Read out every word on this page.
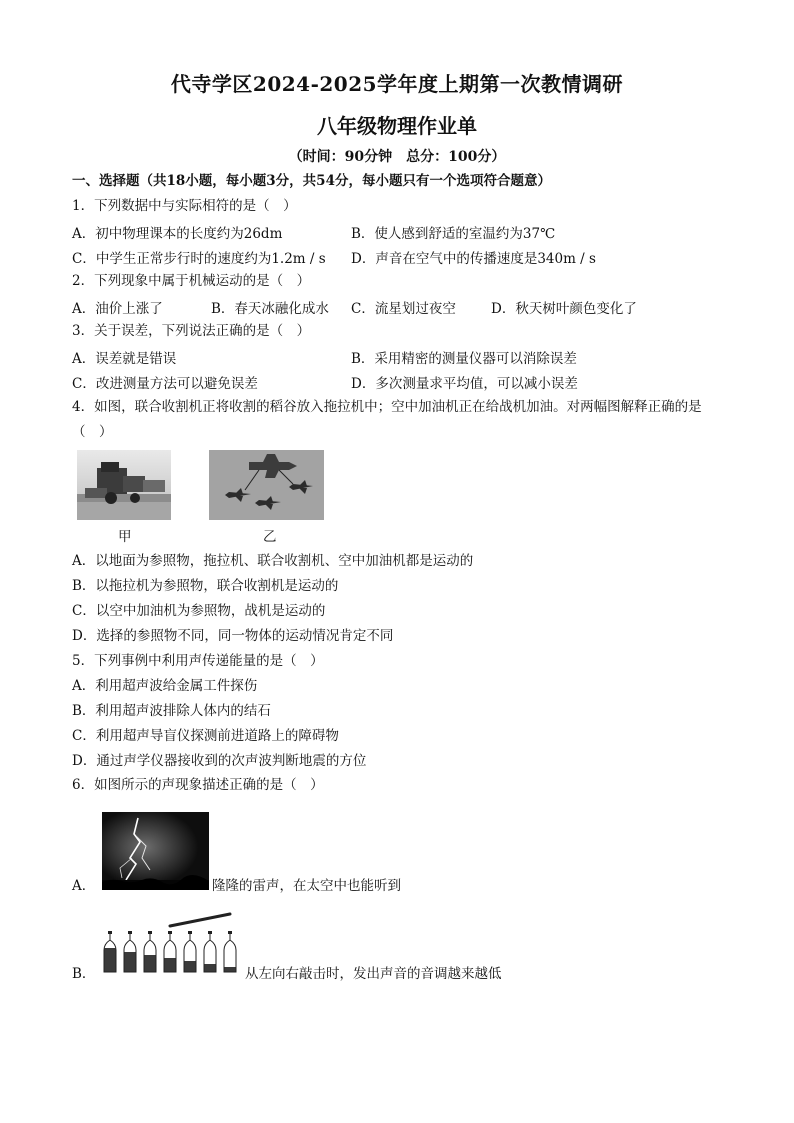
代寺学区2024-2025学年度上期第一次教情调研
八年级物理作业单
（时间：90分钟　总分：100分）
一、选择题（共18小题，每小题3分，共54分，每小题只有一个选项符合题意）
1．下列数据中与实际相符的是（　）
A．初中物理课本的长度约为26dm	B．使人感到舒适的室温约为37℃
C．中学生正常步行时的速度约为1.2m / s D．声音在空气中的传播速度是340m / s
2．下列现象中属于机械运动的是（　）
A．油价上涨了	B．春天冰融化成水 C．流星划过夜空	D．秋天树叶颜色变化了
3．关于误差，下列说法正确的是（　）
A．误差就是错误	B．采用精密的测量仪器可以消除误差
C．改进测量方法可以避免误差	D．多次测量求平均值，可以减小误差
4．如图，联合收割机正将收割的稻谷放入拖拉机中；空中加油机正在给战机加油。对两幅图解释正确的是
（　）
甲	乙
A．以地面为参照物，拖拉机、联合收割机、空中加油机都是运动的
B．以拖拉机为参照物，联合收割机是运动的
C．以空中加油机为参照物，战机是运动的
D．选择的参照物不同，同一物体的运动情况肯定不同
5．下列事例中利用声传递能量的是（　）
A．利用超声波给金属工件探伤
B．利用超声波排除人体内的结石
C．利用超声导盲仪探测前进道路上的障碍物
D．通过声学仪器接收到的次声波判断地震的方位
6．如图所示的声现象描述正确的是（　）
A．	隆隆的雷声，在太空中也能听到
B．	从左向右敲击时，发出声音的音调越来越低
